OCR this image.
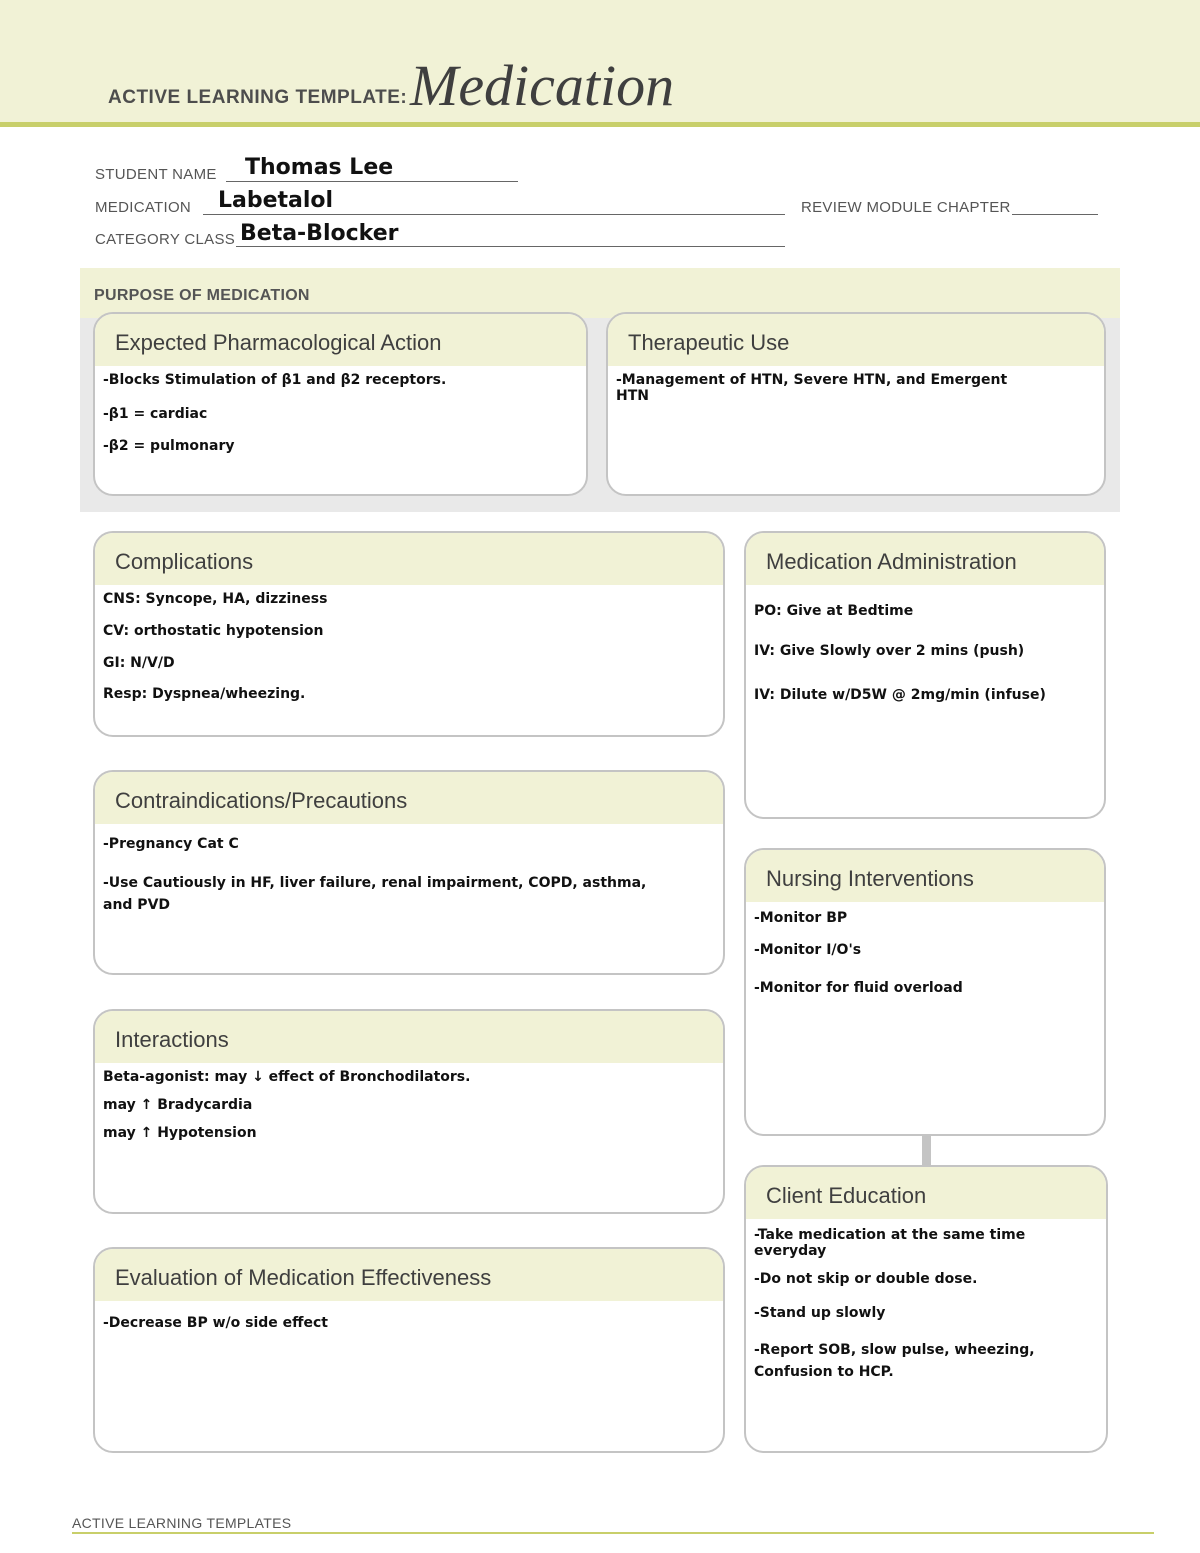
ACTIVE LEARNING TEMPLATE: Medication
STUDENT NAME Thomas Lee
MEDICATION Labetalol	REVIEW MODULE CHAPTER
CATEGORY CLASS Beta-Blocker
PURPOSE OF MEDICATION
Expected Pharmacological Action

-Blocks Stimulation of β1 and β2 receptors.

-β1 = cardiac

-β2 = pulmonary

Therapeutic Use

-Management of HTN, Severe HTN, and Emergent HTN

Complications

CNS: Syncope, HA, dizziness

CV: orthostatic hypotension

GI: N/V/D

Resp: Dyspnea/wheezing.

Medication Administration

PO: Give at Bedtime

IV: Give Slowly over 2 mins (push)

IV: Dilute w/D5W @ 2mg/min (infuse)

Contraindications/Precautions

-Pregnancy Cat C

-Use Cautiously in HF, liver failure, renal impairment, COPD, asthma, and PVD

Nursing Interventions

-Monitor BP

-Monitor I/O's

-Monitor for fluid overload

Interactions

Beta-agonist: may ↓ effect of Bronchodilators.

may ↑ Bradycardia

may ↑ Hypotension

Client Education

-Take medication at the same time everyday

-Do not skip or double dose.

-Stand up slowly

-Report SOB, slow pulse, wheezing, Confusion to HCP.

Evaluation of Medication Effectiveness

-Decrease BP w/o side effect

ACTIVE LEARNING TEMPLATES
